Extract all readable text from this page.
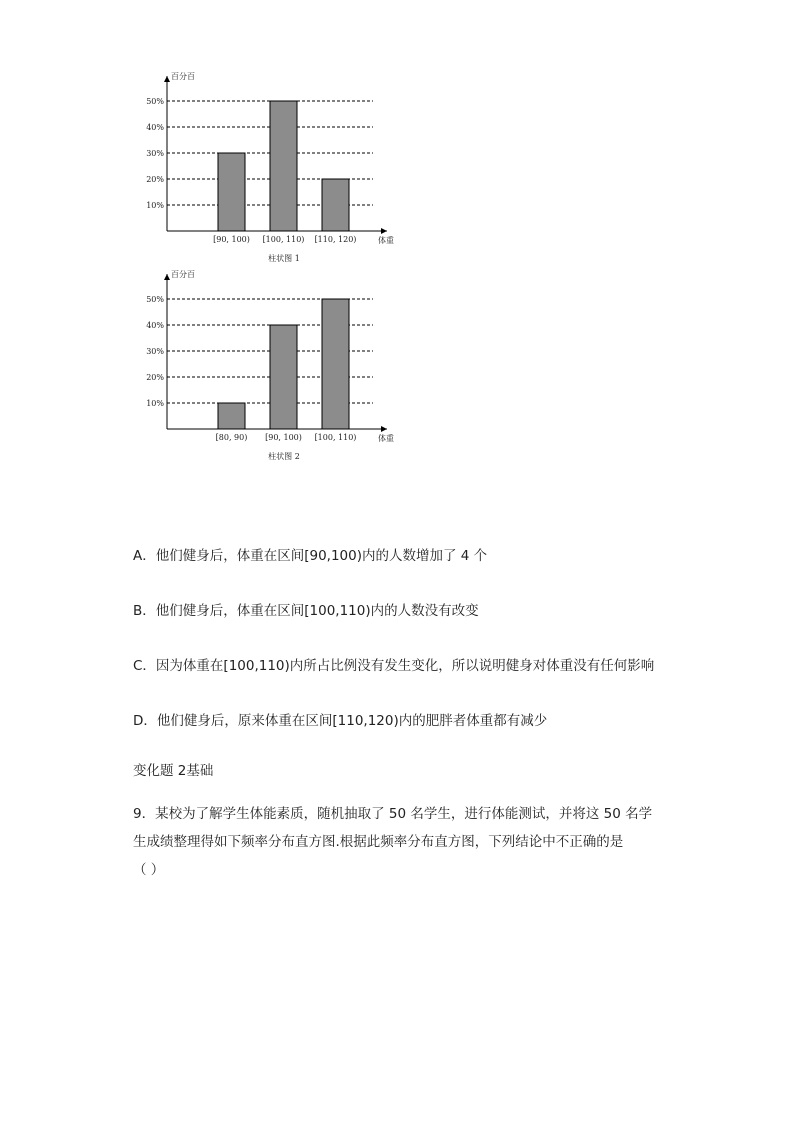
10%
20%
30%
40%
50%
[90, 100) [100, 110) [110, 120)
百分百
体重
柱状图 1
10%
20%
30%
40%
50%
[80, 90) [90, 100) [100, 110)
百分百
体重
柱状图 2
A．他们健身后，体重在区间[90,100)内的人数增加了 4 个
B．他们健身后，体重在区间[100,110)内的人数没有改变
C．因为体重在[100,110)内所占比例没有发生变化，所以说明健身对体重没有任何影响
D．他们健身后，原来体重在区间[110,120)内的肥胖者体重都有减少
变化题 2基础
9．某校为了解学生体能素质，随机抽取了 50 名学生，进行体能测试，并将这 50 名学
生成绩整理得如下频率分布直方图.根据此频率分布直方图，下列结论中不正确的是
（ ）
